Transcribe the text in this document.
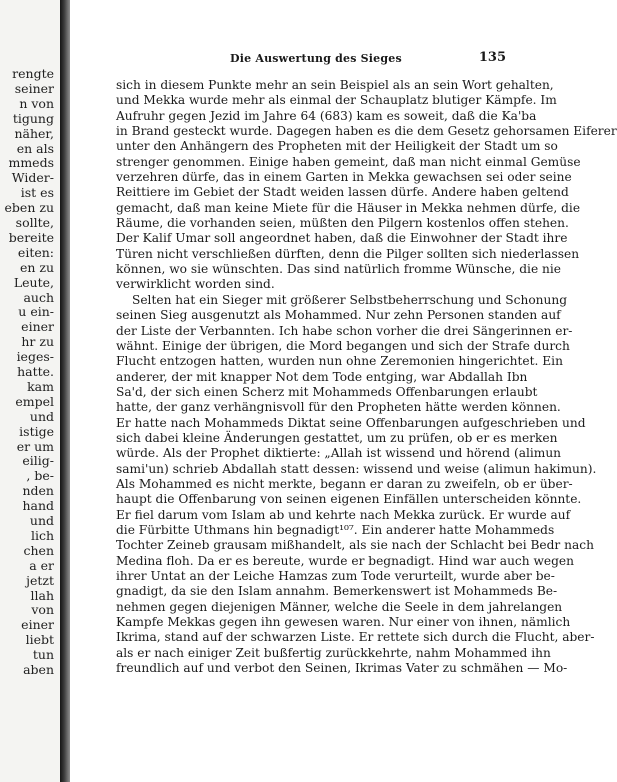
rengte
seiner
n von
tigung
näher,
en als
mmeds
Wider-
ist es
eben zu
sollte,
bereite
eiten:
en zu
Leute,
auch
u ein-
einer
hr zu
ieges-
hatte.
kam
empel
und
istige
er um
eilig-
, be-
nden
hand
und
lich
chen
a er
jetzt
llah
von
einer
liebt
tun
aben
Die Auswertung des Sieges	135
sich in diesem Punkte mehr an sein Beispiel als an sein Wort gehalten,
und Mekka wurde mehr als einmal der Schauplatz blutiger Kämpfe. Im
Aufruhr gegen Jezid im Jahre 64 (683) kam es soweit, daß die Ka'ba
in Brand gesteckt wurde. Dagegen haben es die dem Gesetz gehorsamen Eiferer
unter den Anhängern des Propheten mit der Heiligkeit der Stadt um so
strenger genommen. Einige haben gemeint, daß man nicht einmal Gemüse
verzehren dürfe, das in einem Garten in Mekka gewachsen sei oder seine
Reittiere im Gebiet der Stadt weiden lassen dürfe. Andere haben geltend
gemacht, daß man keine Miete für die Häuser in Mekka nehmen dürfe, die
Räume, die vorhanden seien, müßten den Pilgern kostenlos offen stehen.
Der Kalif Umar soll angeordnet haben, daß die Einwohner der Stadt ihre
Türen nicht verschließen dürften, denn die Pilger sollten sich niederlassen
können, wo sie wünschten. Das sind natürlich fromme Wünsche, die nie
verwirklicht worden sind.
Selten hat ein Sieger mit größerer Selbstbeherrschung und Schonung
seinen Sieg ausgenutzt als Mohammed. Nur zehn Personen standen auf
der Liste der Verbannten. Ich habe schon vorher die drei Sängerinnen er-
wähnt. Einige der übrigen, die Mord begangen und sich der Strafe durch
Flucht entzogen hatten, wurden nun ohne Zeremonien hingerichtet. Ein
anderer, der mit knapper Not dem Tode entging, war Abdallah Ibn
Sa'd, der sich einen Scherz mit Mohammeds Offenbarungen erlaubt
hatte, der ganz verhängnisvoll für den Propheten hätte werden können.
Er hatte nach Mohammeds Diktat seine Offenbarungen aufgeschrieben und
sich dabei kleine Änderungen gestattet, um zu prüfen, ob er es merken
würde. Als der Prophet diktierte: „Allah ist wissend und hörend (alimun
sami'un) schrieb Abdallah statt dessen: wissend und weise (alimun hakimun).
Als Mohammed es nicht merkte, begann er daran zu zweifeln, ob er über-
haupt die Offenbarung von seinen eigenen Einfällen unterscheiden könnte.
Er fiel darum vom Islam ab und kehrte nach Mekka zurück. Er wurde auf
die Fürbitte Uthmans hin begnadigt¹⁰⁷. Ein anderer hatte Mohammeds
Tochter Zeineb grausam mißhandelt, als sie nach der Schlacht bei Bedr nach
Medina floh. Da er es bereute, wurde er begnadigt. Hind war auch wegen
ihrer Untat an der Leiche Hamzas zum Tode verurteilt, wurde aber be-
gnadigt, da sie den Islam annahm. Bemerkenswert ist Mohammeds Be-
nehmen gegen diejenigen Männer, welche die Seele in dem jahrelangen
Kampfe Mekkas gegen ihn gewesen waren. Nur einer von ihnen, nämlich
Ikrima, stand auf der schwarzen Liste. Er rettete sich durch die Flucht, aber-
als er nach einiger Zeit bußfertig zurückkehrte, nahm Mohammed ihn
freundlich auf und verbot den Seinen, Ikrimas Vater zu schmähen — Mo-
